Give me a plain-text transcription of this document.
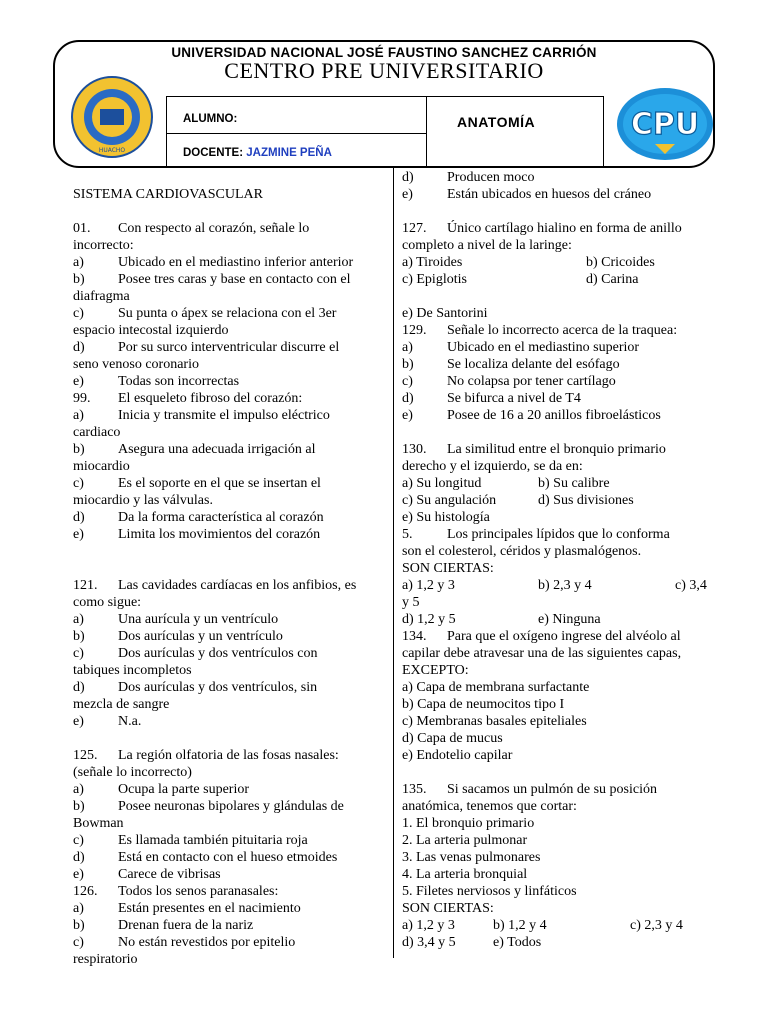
UNIVERSIDAD NACIONAL JOSÉ FAUSTINO SANCHEZ CARRIÓN
CENTRO PRE UNIVERSITARIO
HUACHO
ALUMNO:
DOCENTE: JAZMINE PEÑA
ANATOMÍA	CPU

SISTEMA CARDIOVASCULAR

01. Con respecto al corazón, señale lo

incorrecto:

a)	Ubicado en el mediastino inferior anterior
b)	Posee tres caras y base en contacto con el

diafragma

c)	Su punta o ápex se relaciona con el 3er

espacio intecostal izquierdo

d)	Por su surco interventricular discurre el

seno venoso coronario

e)	Todas son incorrectas

99. El esqueleto fibroso del corazón:

a)	Inicia y transmite el impulso eléctrico

cardiaco

b)	Asegura una adecuada irrigación al

miocardio

c)	Es el soporte en el que se insertan el

miocardio y las válvulas.

d)	Da la forma característica al corazón
e)	Limita los movimientos del corazón

121. Las cavidades cardíacas en los anfibios, es

como sigue:

a)	Una aurícula y un ventrículo
b)	Dos aurículas y un ventrículo
c)	Dos aurículas y dos ventrículos con

tabiques incompletos

d)	Dos aurículas y dos ventrículos, sin

mezcla de sangre

e)	N.a.

125. La región olfatoria de las fosas nasales:

(señale lo incorrecto)

a)	Ocupa la parte superior
b)	Posee neuronas bipolares y glándulas de

Bowman

c)	Es llamada también pituitaria roja
d)	Está en contacto con el hueso etmoides
e)	Carece de vibrisas

126. Todos los senos paranasales:

a)	Están presentes en el nacimiento
b)	Drenan fuera de la nariz
c)	No están revestidos por epitelio

respiratorio

d)	Producen moco
e)	Están ubicados en huesos del cráneo

127. Único cartílago hialino en forma de anillo

completo a nivel de la laringe:

a) Tiroides	b) Cricoides
c) Epiglotis	d) Carina

e) De Santorini

129. Señale lo incorrecto acerca de la traquea:

a)	Ubicado en el mediastino superior
b)	Se localiza delante del esófago
c)	No colapsa por tener cartílago
d)	Se bifurca a nivel de T4
e)	Posee de 16 a 20 anillos fibroelásticos

130. La similitud entre el bronquio primario

derecho y el izquierdo, se da en:

a) Su longitud	b) Su calibre
c) Su angulación	d) Sus divisiones

e) Su histología

5. Los principales lípidos que lo conforma

son el colesterol, céridos y plasmalógenos.

SON CIERTAS:

a) 1,2 y 3	b) 2,3 y 4	c) 3,4

y 5

d) 1,2 y 5	e) Ninguna

134. Para que el oxígeno ingrese del alvéolo al

capilar debe atravesar una de las siguientes capas,

EXCEPTO:

a) Capa de membrana surfactante

b) Capa de neumocitos tipo I

c) Membranas basales epiteliales

d) Capa de mucus

e) Endotelio capilar

135. Si sacamos un pulmón de su posición

anatómica, tenemos que cortar:

1. El bronquio primario

2. La arteria pulmonar

3. Las venas pulmonares

4. La arteria bronquial

5. Filetes nerviosos y linfáticos

SON CIERTAS:

a) 1,2 y 3	b) 1,2 y 4	c) 2,3 y 4
d) 3,4 y 5	e) Todos
